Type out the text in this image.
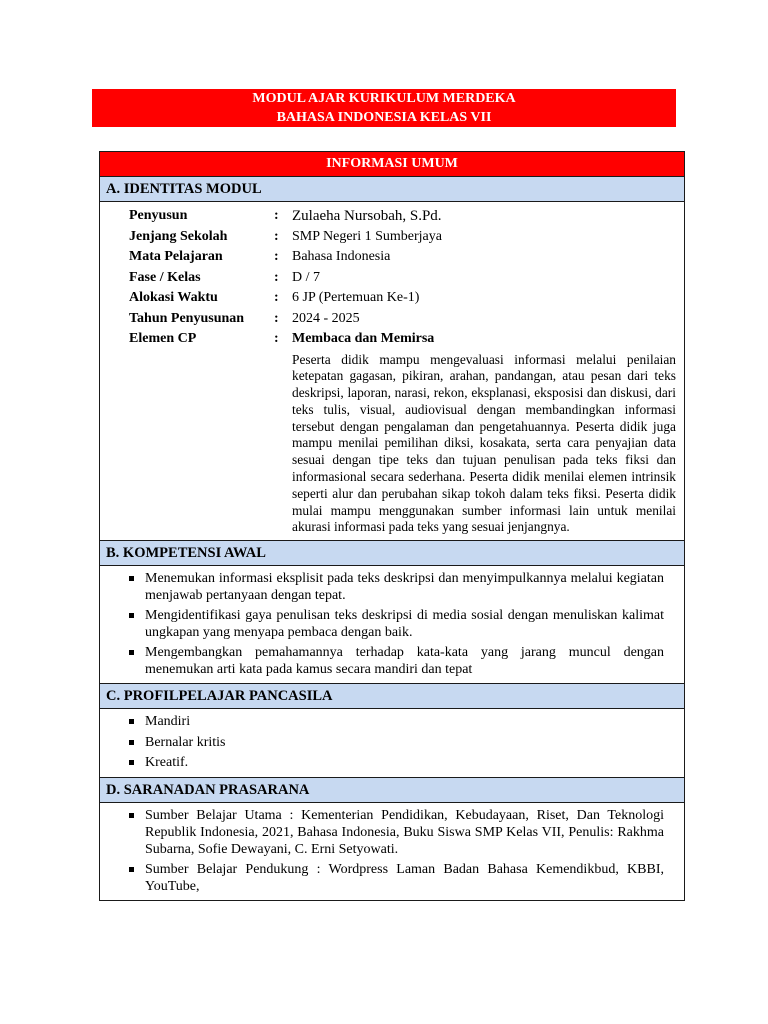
MODUL AJAR KURIKULUM MERDEKA
BAHASA INDONESIA KELAS VII
INFORMASI UMUM
A. IDENTITAS MODUL

Penyusun	: Zulaeha Nursobah, S.Pd.
Jenjang Sekolah	: SMP Negeri 1 Sumberjaya
Mata Pelajaran	: Bahasa Indonesia
Fase / Kelas	: D / 7
Alokasi Waktu	: 6 JP (Pertemuan Ke-1)
Tahun Penyusunan	: 2024 - 2025
Elemen CP	: Membaca dan Memirsa
Peserta didik mampu mengevaluasi informasi melalui penilaian ketepatan gagasan, pikiran, arahan, pandangan, atau pesan dari teks deskripsi, laporan, narasi, rekon, eksplanasi, eksposisi dan diskusi, dari teks tulis, visual, audiovisual dengan membandingkan informasi tersebut dengan pengalaman dan pengetahuannya. Peserta didik juga mampu menilai pemilihan diksi, kosakata, serta cara penyajian data sesuai dengan tipe teks dan tujuan penulisan pada teks fiksi dan informasional secara sederhana. Peserta didik menilai elemen intrinsik seperti alur dan perubahan sikap tokoh dalam teks fiksi. Peserta didik mulai mampu menggunakan sumber informasi lain untuk menilai akurasi informasi pada teks yang sesuai jenjangnya.

B. KOMPETENSI AWAL

Menemukan informasi eksplisit pada teks deskripsi dan menyimpulkannya melalui kegiatan menjawab pertanyaan dengan tepat.
Mengidentifikasi gaya penulisan teks deskripsi di media sosial dengan menuliskan kalimat ungkapan yang menyapa pembaca dengan baik.
Mengembangkan pemahamannya terhadap kata-kata yang jarang muncul dengan menemukan arti kata pada kamus secara mandiri dan tepat

C. PROFILPELAJAR PANCASILA

Mandiri
Bernalar kritis
Kreatif.

D. SARANADAN PRASARANA

Sumber Belajar Utama : Kementerian Pendidikan, Kebudayaan, Riset, Dan Teknologi Republik Indonesia, 2021, Bahasa Indonesia, Buku Siswa SMP Kelas VII, Penulis: Rakhma Subarna, Sofie Dewayani, C. Erni Setyowati.
Sumber Belajar Pendukung : Wordpress Laman Badan Bahasa Kemendikbud, KBBI, YouTube,
